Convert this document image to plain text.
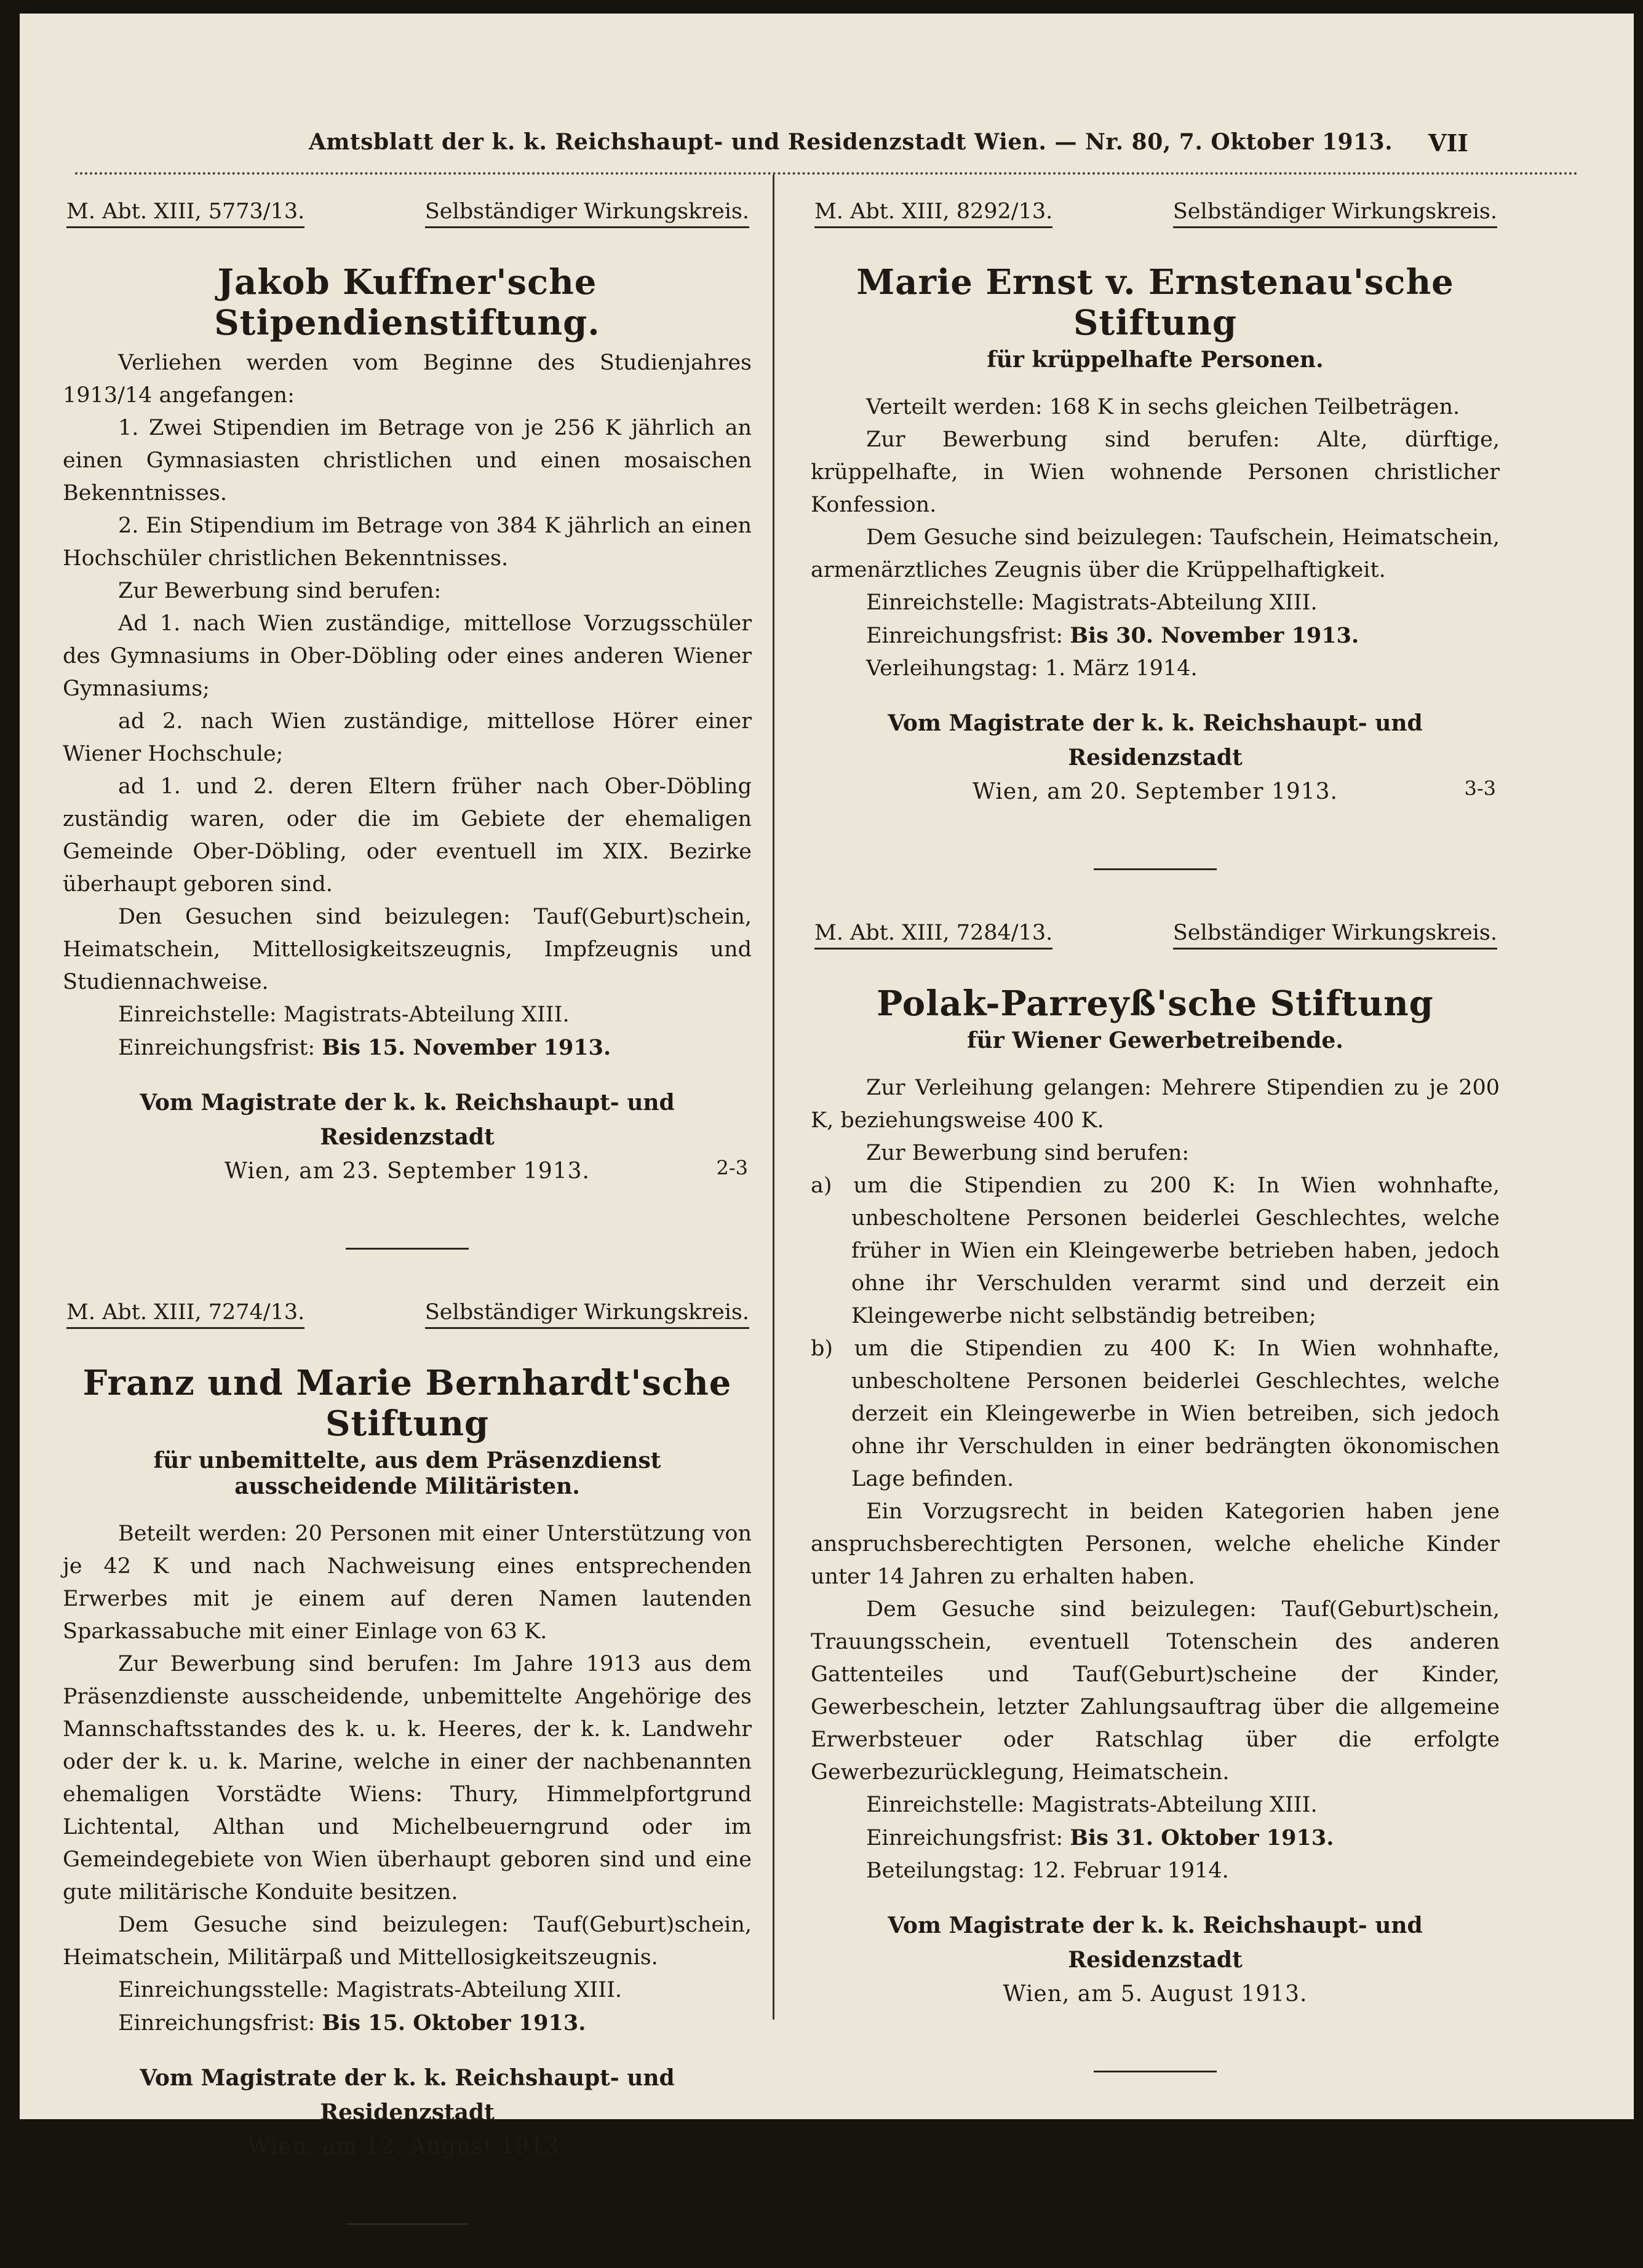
Amtsblatt der k. k. Reichshaupt- und Residenzstadt Wien. — Nr. 80, 7. Oktober 1913. VII
M. Abt. XIII, 5773/13.	Selbständiger Wirkungskreis.
Jakob Kuffner'sche Stipendienstiftung.

Verliehen werden vom Beginne des Studienjahres 1913/14 angefangen:

1. Zwei Stipendien im Betrage von je 256 K jährlich an einen Gymnasiasten christlichen und einen mosaischen Bekenntnisses.

2. Ein Stipendium im Betrage von 384 K jährlich an einen Hochschüler christlichen Bekenntnisses.

Zur Bewerbung sind berufen:

Ad 1. nach Wien zuständige, mittellose Vorzugsschüler des Gymnasiums in Ober-Döbling oder eines anderen Wiener Gymnasiums;

ad 2. nach Wien zuständige, mittellose Hörer einer Wiener Hochschule;

ad 1. und 2. deren Eltern früher nach Ober-Döbling zuständig waren, oder die im Gebiete der ehemaligen Gemeinde Ober-Döbling, oder eventuell im XIX. Bezirke überhaupt geboren sind.

Den Gesuchen sind beizulegen: Tauf(Geburt)schein, Heimatschein, Mittellosigkeitszeugnis, Impfzeugnis und Studiennachweise.

Einreichstelle: Magistrats-Abteilung XIII.

Einreichungsfrist: Bis 15. November 1913.

Vom Magistrate der k. k. Reichshaupt- und Residenzstadt
Wien, am 23. September 1913.	2-3
M. Abt. XIII, 7274/13.	Selbständiger Wirkungskreis.
Franz und Marie Bernhardt'sche Stiftung
für unbemittelte, aus dem Präsenzdienst ausscheidende Militäristen.

Beteilt werden: 20 Personen mit einer Unterstützung von je 42 K und nach Nachweisung eines entsprechenden Erwerbes mit je einem auf deren Namen lautenden Sparkassabuche mit einer Einlage von 63 K.

Zur Bewerbung sind berufen: Im Jahre 1913 aus dem Präsenzdienste ausscheidende, unbemittelte Angehörige des Mannschaftsstandes des k. u. k. Heeres, der k. k. Landwehr oder der k. u. k. Marine, welche in einer der nachbenannten ehemaligen Vorstädte Wiens: Thury, Himmelpfortgrund Lichtental, Althan und Michelbeuerngrund oder im Gemeindegebiete von Wien überhaupt geboren sind und eine gute militärische Konduite besitzen.

Dem Gesuche sind beizulegen: Tauf(Geburt)schein, Heimatschein, Militärpaß und Mittellosigkeitszeugnis.

Einreichungsstelle: Magistrats-Abteilung XIII.

Einreichungsfrist: Bis 15. Oktober 1913.

Vom Magistrate der k. k. Reichshaupt- und Residenzstadt
Wien, am 12. August 1913.
M. Abt. XIII, 8292/13.	Selbständiger Wirkungskreis.
Marie Ernst v. Ernstenau'sche Stiftung
für krüppelhafte Personen.

Verteilt werden: 168 K in sechs gleichen Teilbeträgen.

Zur Bewerbung sind berufen: Alte, dürftige, krüppelhafte, in Wien wohnende Personen christlicher Konfession.

Dem Gesuche sind beizulegen: Taufschein, Heimatschein, armenärztliches Zeugnis über die Krüppelhaftigkeit.

Einreichstelle: Magistrats-Abteilung XIII.

Einreichungsfrist: Bis 30. November 1913.

Verleihungstag: 1. März 1914.

Vom Magistrate der k. k. Reichshaupt- und Residenzstadt
Wien, am 20. September 1913.	3-3
M. Abt. XIII, 7284/13.	Selbständiger Wirkungskreis.
Polak-Parreyß'sche Stiftung
für Wiener Gewerbetreibende.

Zur Verleihung gelangen: Mehrere Stipendien zu je 200 K, beziehungsweise 400 K.

Zur Bewerbung sind berufen:

a) um die Stipendien zu 200 K: In Wien wohnhafte, unbescholtene Personen beiderlei Geschlechtes, welche früher in Wien ein Kleingewerbe betrieben haben, jedoch ohne ihr Verschulden verarmt sind und derzeit ein Kleingewerbe nicht selbständig betreiben;

b) um die Stipendien zu 400 K: In Wien wohnhafte, unbescholtene Personen beiderlei Geschlechtes, welche derzeit ein Kleingewerbe in Wien betreiben, sich jedoch ohne ihr Verschulden in einer bedrängten ökonomischen Lage befinden.

Ein Vorzugsrecht in beiden Kategorien haben jene anspruchsberechtigten Personen, welche eheliche Kinder unter 14 Jahren zu erhalten haben.

Dem Gesuche sind beizulegen: Tauf(Geburt)schein, Trauungsschein, eventuell Totenschein des anderen Gattenteiles und Tauf(Geburt)scheine der Kinder, Gewerbeschein, letzter Zahlungsauftrag über die allgemeine Erwerbsteuer oder Ratschlag über die erfolgte Gewerbezurücklegung, Heimatschein.

Einreichstelle: Magistrats-Abteilung XIII.

Einreichungsfrist: Bis 31. Oktober 1913.

Beteilungstag: 12. Februar 1914.

Vom Magistrate der k. k. Reichshaupt- und Residenzstadt
Wien, am 5. August 1913.
